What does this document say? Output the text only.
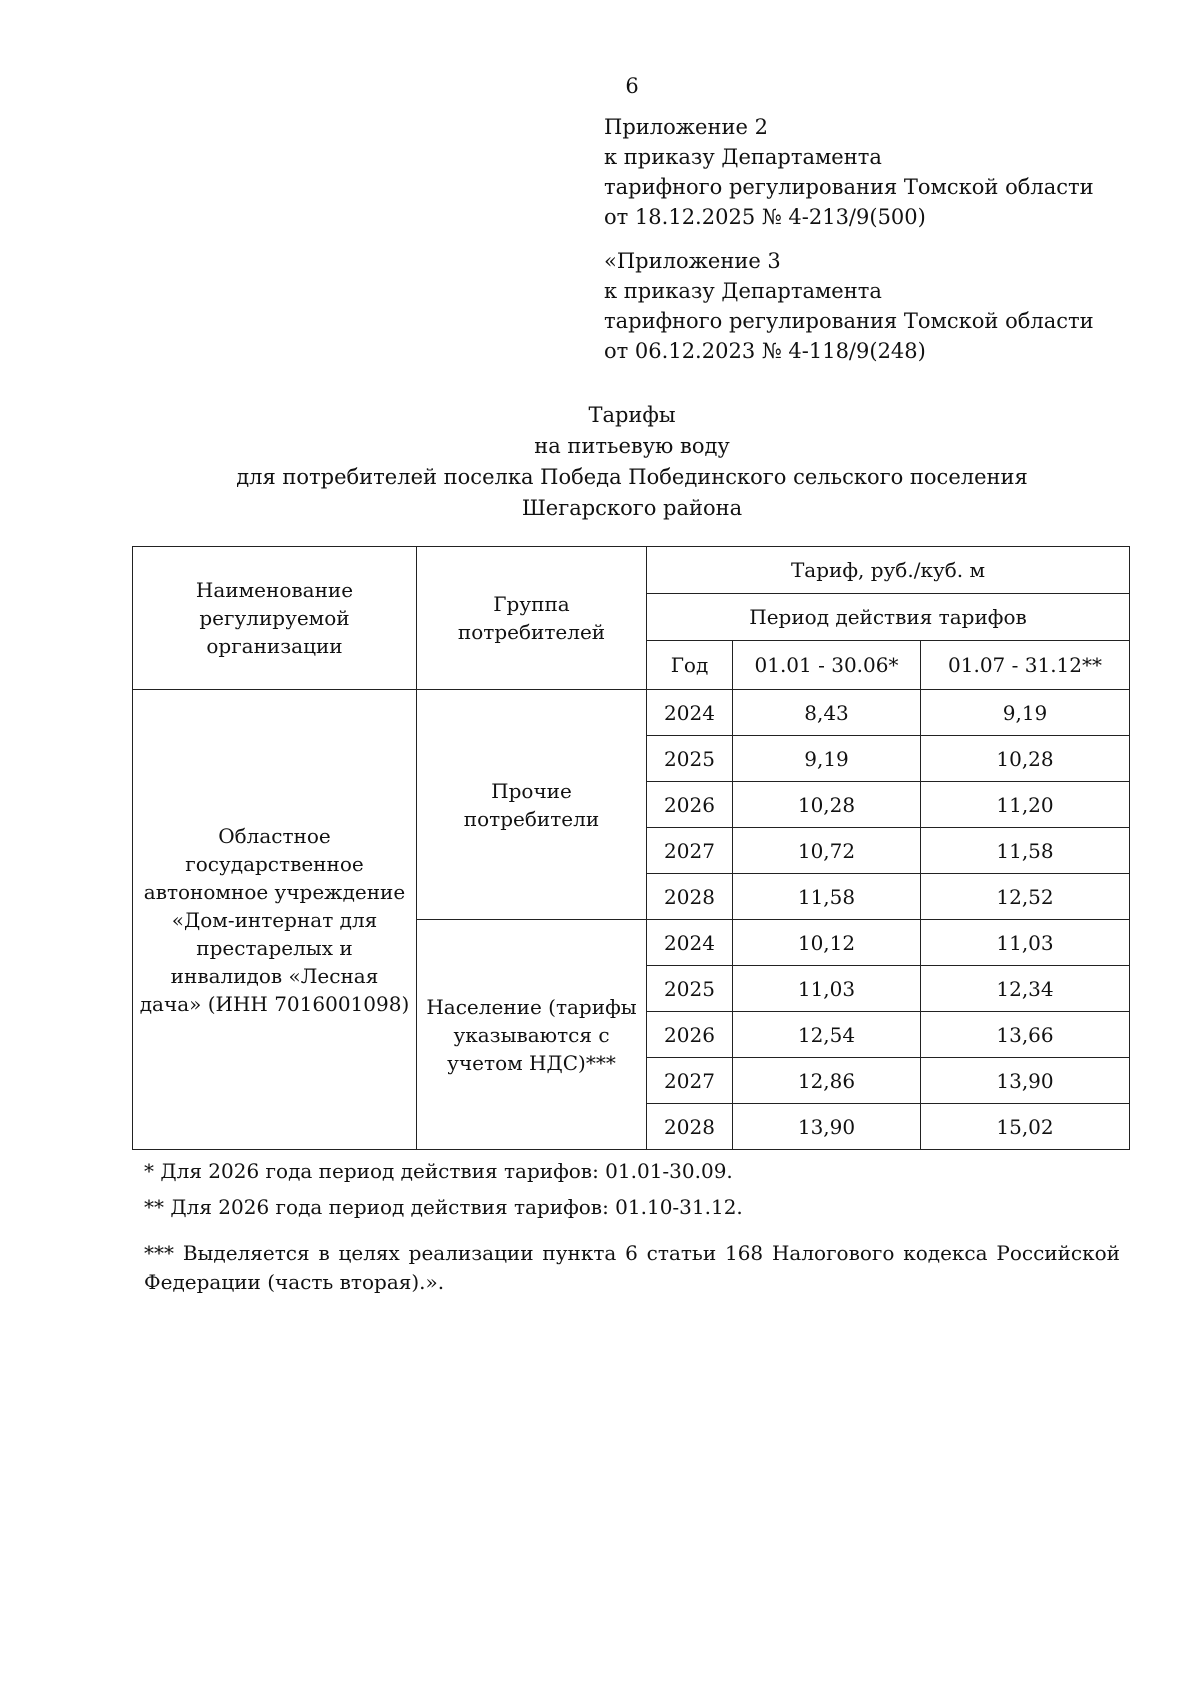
6
Приложение 2
к приказу Департамента
тарифного регулирования Томской области
от 18.12.2025 № 4-213/9(500)
«Приложение 3
к приказу Департамента
тарифного регулирования Томской области
от 06.12.2023 № 4-118/9(248)
Тарифы
на питьевую воду
для потребителей поселка Победа Побединского сельского поселения
Шегарского района
Наименование регулируемой организации	Группа потребителей	Тариф, руб./куб. м		
		Период действия тарифов		
		Год	01.01 - 30.06*	01.07 - 31.12**
Областное государственное автономное учреждение «Дом-интернат для престарелых и инвалидов «Лесная дача» (ИНН 7016001098)	Прочие потребители	2024	8,43	9,19
		2025	9,19	10,28
		2026	10,28	11,20
		2027	10,72	11,58
		2028	11,58	12,52
	Население (тарифы указываются с учетом НДС)***	2024	10,12	11,03
		2025	11,03	12,34
		2026	12,54	13,66
		2027	12,86	13,90
		2028	13,90	15,02
* Для 2026 года период действия тарифов: 01.01-30.09.
** Для 2026 года период действия тарифов: 01.10-31.12.
*** Выделяется в целях реализации пункта 6 статьи 168 Налогового кодекса Российской Федерации (часть вторая).».
